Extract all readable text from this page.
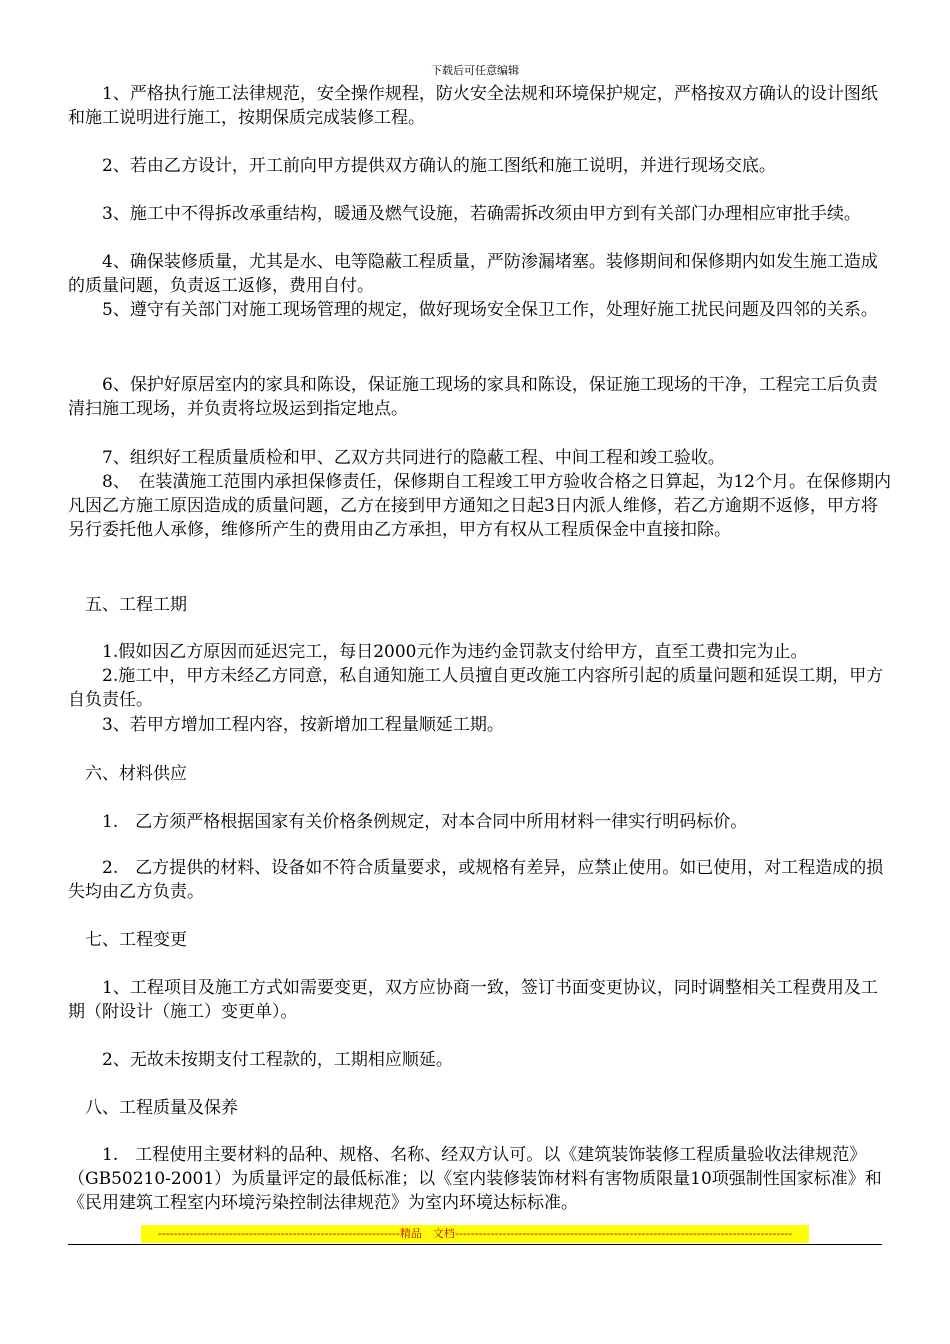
下载后可任意编辑

　　1、严格执行施工法律规范，安全操作规程，防火安全法规和环境保护规定，严格按双方确认的设计图纸和施工说明进行施工，按期保质完成装修工程。

　　2、若由乙方设计，开工前向甲方提供双方确认的施工图纸和施工说明，并进行现场交底。

　　3、施工中不得拆改承重结构，暖通及燃气设施，若确需拆改须由甲方到有关部门办理相应审批手续。

　　4、确保装修质量，尤其是水、电等隐蔽工程质量，严防渗漏堵塞。装修期间和保修期内如发生施工造成的质量问题，负责返工返修，费用自付。

　　5、遵守有关部门对施工现场管理的规定，做好现场安全保卫工作，处理好施工扰民问题及四邻的关系。

　　6、保护好原居室内的家具和陈设，保证施工现场的家具和陈设，保证施工现场的干净，工程完工后负责清扫施工现场，并负责将垃圾运到指定地点。

　　7、组织好工程质量质检和甲、乙双方共同进行的隐蔽工程、中间工程和竣工验收。

　　8、　在装潢施工范围内承担保修责任，保修期自工程竣工甲方验收合格之日算起，为12个月。在保修期内凡因乙方施工原因造成的质量问题，乙方在接到甲方通知之日起3日内派人维修，若乙方逾期不返修，甲方将另行委托他人承修，维修所产生的费用由乙方承担，甲方有权从工程质保金中直接扣除。

　五、工程工期

　　1.假如因乙方原因而延迟完工，每日2000元作为违约金罚款支付给甲方，直至工费扣完为止。

　　2.施工中，甲方未经乙方同意，私自通知施工人员擅自更改施工内容所引起的质量问题和延误工期，甲方自负责任。

　　3、若甲方增加工程内容，按新增加工程量顺延工期。

　六、材料供应

　　1.　乙方须严格根据国家有关价格条例规定，对本合同中所用材料一律实行明码标价。

　　2.　乙方提供的材料、设备如不符合质量要求，或规格有差异，应禁止使用。如已使用，对工程造成的损失均由乙方负责。

　七、工程变更

　　1、工程项目及施工方式如需要变更，双方应协商一致，签订书面变更协议，同时调整相关工程费用及工期（附设计（施工）变更单）。

　　2、无故未按期支付工程款的，工期相应顺延。

　八、工程质量及保养

　　1.　工程使用主要材料的品种、规格、名称、经双方认可。以《建筑装饰装修工程质量验收法律规范》（GB50210-2001）为质量评定的最低标准；以《室内装修装饰材料有害物质限量10项强制性国家标准》和《民用建筑工程室内环境污染控制法律规范》为室内环境达标标准。

-------------------------------------------------------------精品　文档-------------------------------------------------------------------------------------
